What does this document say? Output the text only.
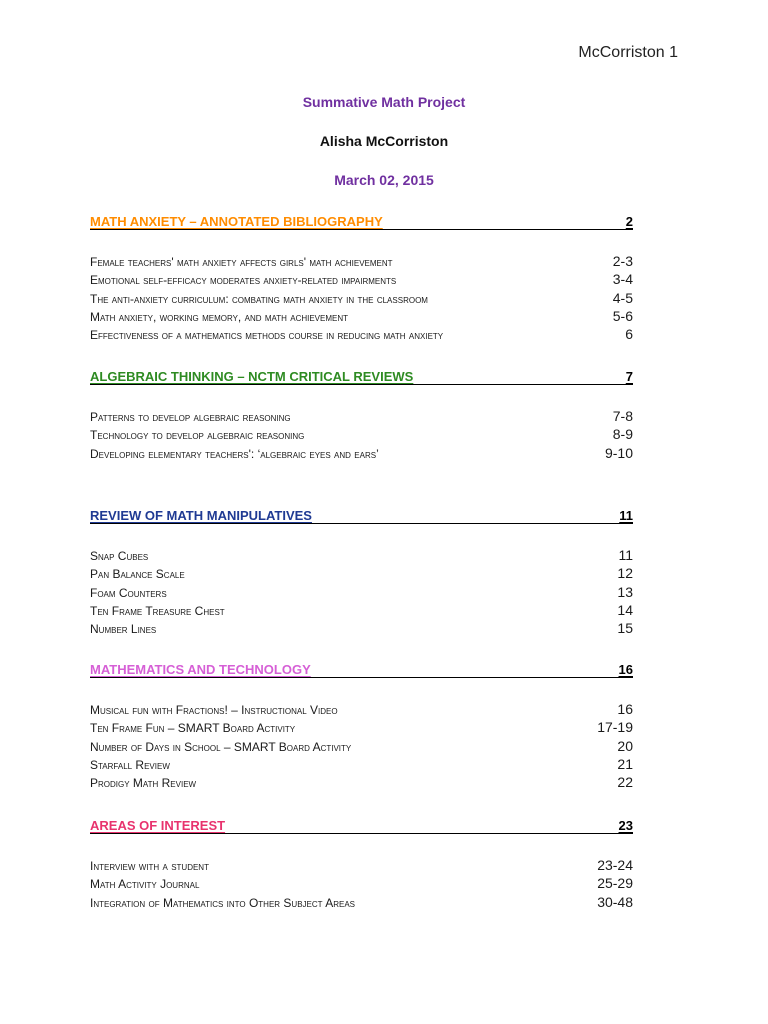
McCorriston 1
Summative Math Project
Alisha McCorriston
March 02, 2015
MATH ANXIETY – ANNOTATED BIBLIOGRAPHY	2
Female teachers' math anxiety affects girls' math achievement	2-3
Emotional self-efficacy moderates anxiety-related impairments	3-4
The anti-anxiety curriculum: combating math anxiety in the classroom	4-5
Math anxiety, working memory, and math achievement	5-6
Effectiveness of a mathematics methods course in reducing math anxiety	6
ALGEBRAIC THINKING – NCTM CRITICAL REVIEWS	7
Patterns to develop algebraic reasoning	7-8
Technology to develop algebraic reasoning	8-9
Developing elementary teachers': ‘algebraic eyes and ears’	9-10
REVIEW OF MATH MANIPULATIVES	11
Snap Cubes	11
Pan Balance Scale	12
Foam Counters	13
Ten Frame Treasure Chest	14
Number Lines	15
MATHEMATICS AND TECHNOLOGY	16
Musical fun with Fractions! – Instructional Video	16
Ten Frame Fun – SMART Board Activity	17-19
Number of Days in School – SMART Board Activity	20
Starfall Review	21
Prodigy Math Review	22
AREAS OF INTEREST	23
Interview with a student	23-24
Math Activity Journal	25-29
Integration of Mathematics into Other Subject Areas	30-48
